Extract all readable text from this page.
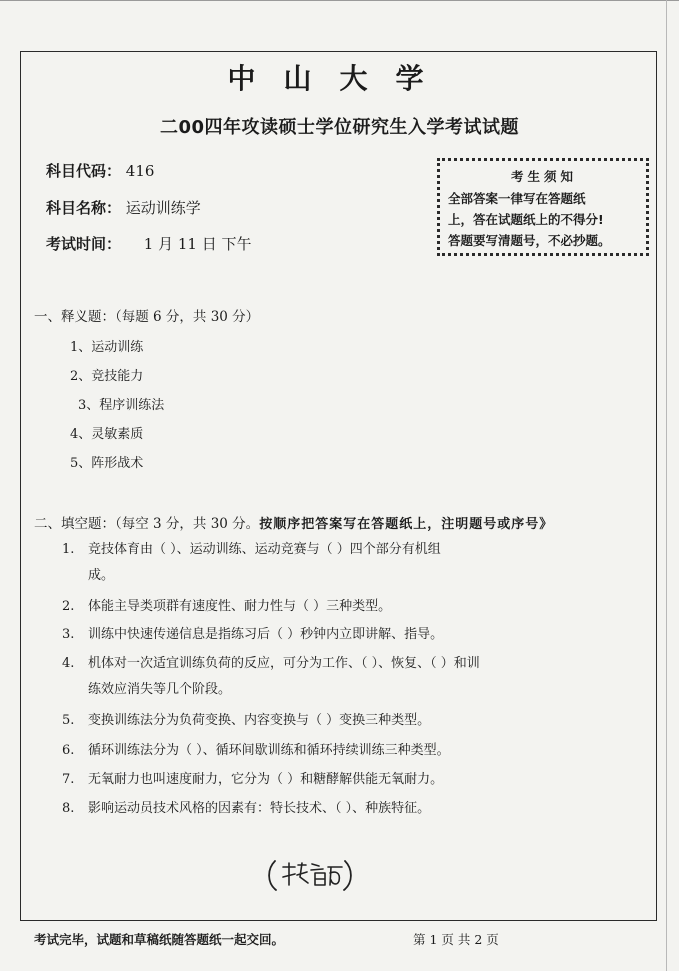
中山大学
二00四年攻读硕士学位研究生入学考试试题
科目代码： 416
科目名称： 运动训练学
考试时间： 1 月 11 日 下午
考生须知
全部答案一律写在答题纸
上，答在试题纸上的不得分!
答题要写清题号，不必抄题。
一、释义题：（每题 6 分，共 30 分）
1、运动训练
2、竞技能力
3、程序训练法
4、灵敏素质
5、阵形战术
二、填空题：（每空 3 分，共 30 分。按顺序把答案写在答题纸上，注明题号或序号》
1. 竞技体育由（ ）、运动训练、运动竞赛与（ ）四个部分有机组
成。
2. 体能主导类项群有速度性、耐力性与（ ）三种类型。
3. 训练中快速传递信息是指练习后（ ）秒钟内立即讲解、指导。
4. 机体对一次适宜训练负荷的反应，可分为工作、（ ）、恢复、（ ）和训
练效应消失等几个阶段。
5. 变换训练法分为负荷变换、内容变换与（ ）变换三种类型。
6. 循环训练法分为（ ）、循环间歇训练和循环持续训练三种类型。
7. 无氧耐力也叫速度耐力，它分为（ ）和糖酵解供能无氧耐力。
8. 影响运动员技术风格的因素有：特长技术、（ ）、种族特征。
考试完毕，试题和草稿纸随答题纸一起交回。	第 1 页 共 2 页
